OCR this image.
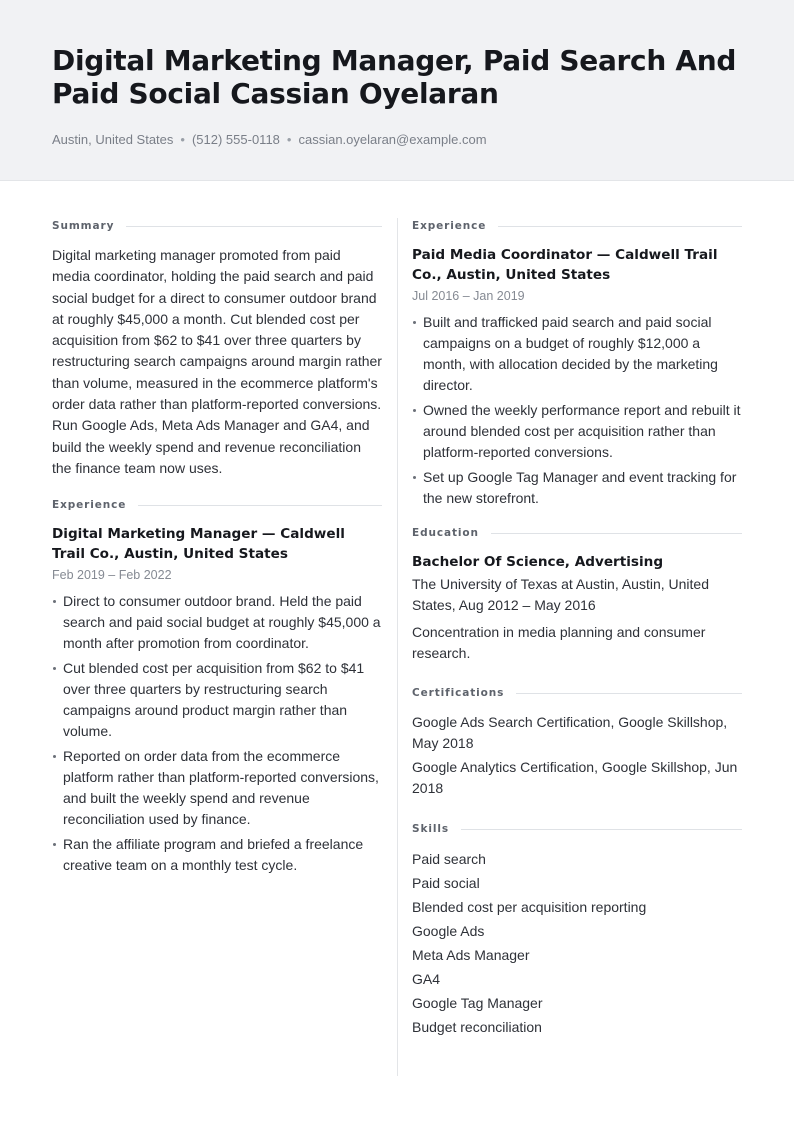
Digital Marketing Manager, Paid Search And Paid Social Cassian Oyelaran
Austin, United States • (512) 555-0118 • cassian.oyelaran@example.com
Summary

Digital marketing manager promoted from paid media coordinator, holding the paid search and paid social budget for a direct to consumer outdoor brand at roughly $45,000 a month. Cut blended cost per acquisition from $62 to $41 over three quarters by restructuring search campaigns around margin rather than volume, measured in the ecommerce platform's order data rather than platform-reported conversions. Run Google Ads, Meta Ads Manager and GA4, and build the weekly spend and revenue reconciliation the finance team now uses.

Experience
Digital Marketing Manager — Caldwell Trail Co., Austin, United States
Feb 2019 – Feb 2022
Direct to consumer outdoor brand. Held the paid search and paid social budget at roughly $45,000 a month after promotion from coordinator.
Cut blended cost per acquisition from $62 to $41 over three quarters by restructuring search campaigns around product margin rather than volume.
Reported on order data from the ecommerce platform rather than platform-reported conversions, and built the weekly spend and revenue reconciliation used by finance.
Ran the affiliate program and briefed a freelance creative team on a monthly test cycle.
Experience
Paid Media Coordinator — Caldwell Trail Co., Austin, United States
Jul 2016 – Jan 2019
Built and trafficked paid search and paid social campaigns on a budget of roughly $12,000 a month, with allocation decided by the marketing director.
Owned the weekly performance report and rebuilt it around blended cost per acquisition rather than platform-reported conversions.
Set up Google Tag Manager and event tracking for the new storefront.
Education
Bachelor Of Science, Advertising
The University of Texas at Austin, Austin, United States, Aug 2012 – May 2016
Concentration in media planning and consumer research.
Certifications
Google Ads Search Certification, Google Skillshop, May 2018
Google Analytics Certification, Google Skillshop, Jun 2018
Skills
Paid search
Paid social
Blended cost per acquisition reporting
Google Ads
Meta Ads Manager
GA4
Google Tag Manager
Budget reconciliation
